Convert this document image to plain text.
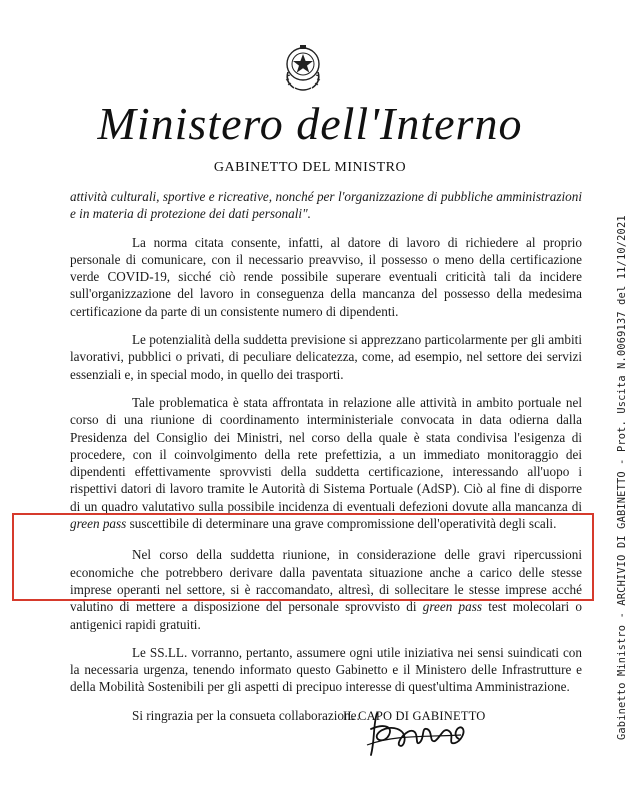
Ministero dell'Interno
GABINETTO DEL MINISTRO

attività culturali, sportive e ricreative, nonché per l'organizzazione di pubbliche amministrazioni e in materia di protezione dei dati personali".

La norma citata consente, infatti, al datore di lavoro di richiedere al proprio personale di comunicare, con il necessario preavviso, il possesso o meno della certificazione verde COVID-19, sicché ciò rende possibile superare eventuali criticità tali da incidere sull'organizzazione del lavoro in conseguenza della mancanza del possesso della medesima certificazione da parte di un consistente numero di dipendenti.

Le potenzialità della suddetta previsione si apprezzano particolarmente per gli ambiti lavorativi, pubblici o privati, di peculiare delicatezza, come, ad esempio, nel settore dei servizi essenziali e, in special modo, in quello dei trasporti.

Tale problematica è stata affrontata in relazione alle attività in ambito portuale nel corso di una riunione di coordinamento interministeriale convocata in data odierna dalla Presidenza del Consiglio dei Ministri, nel corso della quale è stata condivisa l'esigenza di procedere, con il coinvolgimento della rete prefettizia, a un immediato monitoraggio dei dipendenti effettivamente sprovvisti della suddetta certificazione, interessando all'uopo i rispettivi datori di lavoro tramite le Autorità di Sistema Portuale (AdSP). Ciò al fine di disporre di un quadro valutativo sulla possibile incidenza di eventuali defezioni dovute alla mancanza di green pass suscettibile di determinare una grave compromissione dell'operatività degli scali.

Nel corso della suddetta riunione, in considerazione delle gravi ripercussioni economiche che potrebbero derivare dalla paventata situazione anche a carico delle stesse imprese operanti nel settore, si è raccomandato, altresì, di sollecitare le stesse imprese acché valutino di mettere a disposizione del personale sprovvisto di green pass test molecolari o antigenici rapidi gratuiti.

Le SS.LL. vorranno, pertanto, assumere ogni utile iniziativa nei sensi suindicati con la necessaria urgenza, tenendo informato questo Gabinetto e il Ministero delle Infrastrutture e della Mobilità Sostenibili per gli aspetti di precipuo interesse di quest'ultima Amministrazione.

Si ringrazia per la consueta collaborazione.

IL CAPO DI GABINETTO	Gabinetto Ministro - ARCHIVIO DI GABINETTO - Prot. Uscita N.0069137 del 11/10/2021
